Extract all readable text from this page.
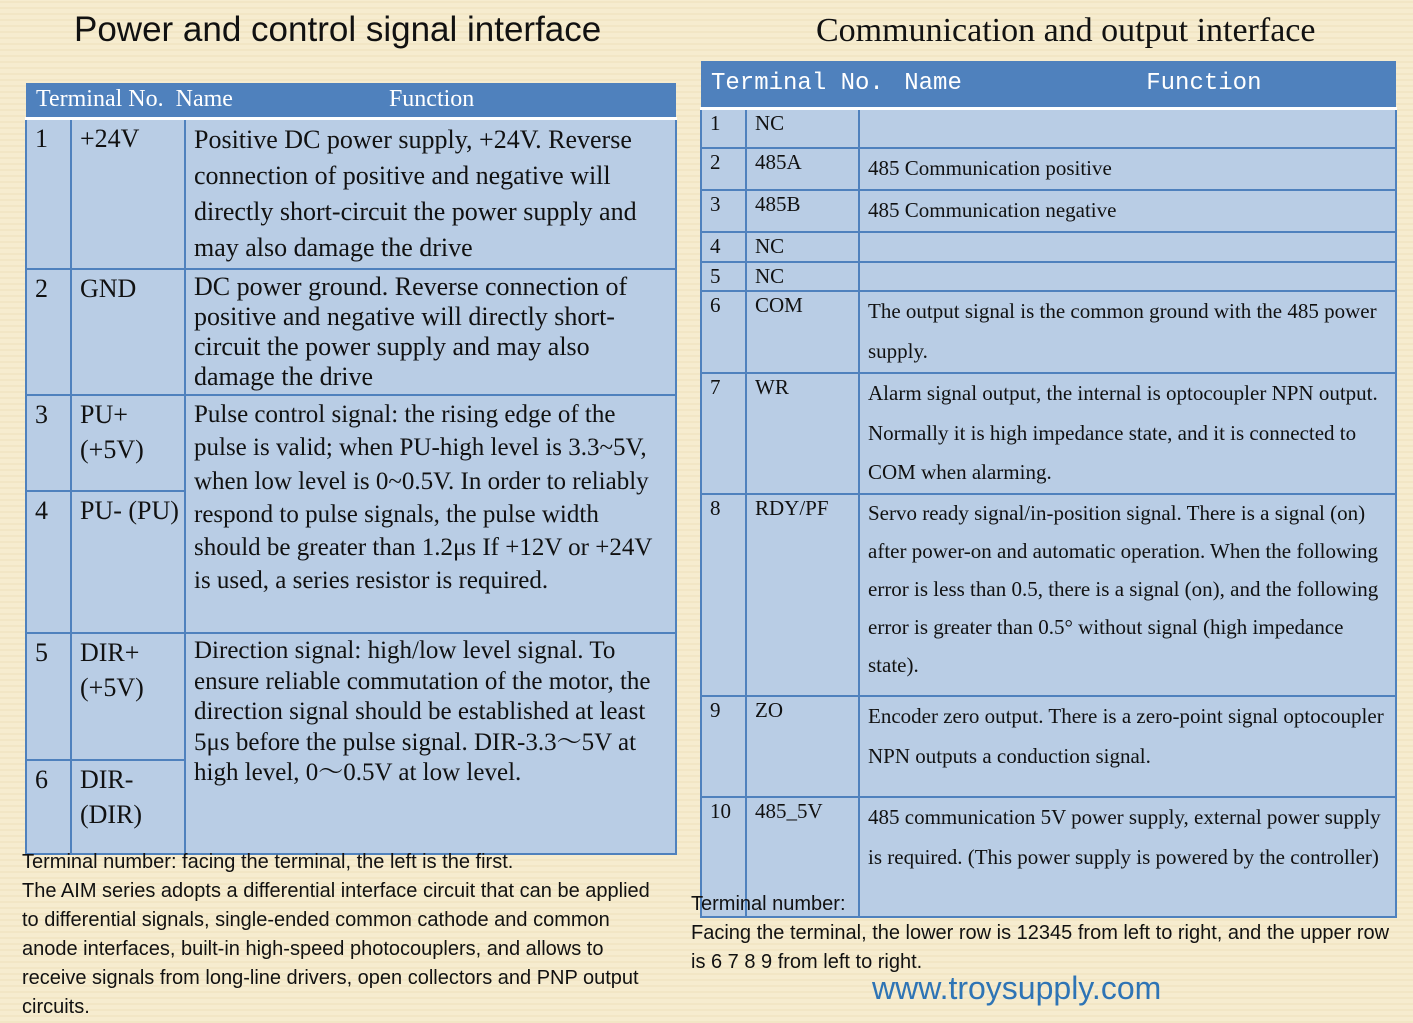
Power and control signal interface	Communication and output interface
Terminal No. Name Function		
1	+24V	Positive DC power supply, +24V. Reverse connection of positive and negative will directly short-circuit the power supply and may also damage the drive
2	GND	DC power ground. Reverse connection of positive and negative will directly short-circuit the power supply and may also damage the drive
3	PU+ (+5V)	Pulse control signal: the rising edge of the pulse is valid; when PU-high level is 3.3~5V, when low level is 0~0.5V. In order to reliably respond to pulse signals, the pulse width should be greater than 1.2μs If +12V or +24V is used, a series resistor is required.
4	PU- (PU)	
5	DIR+ (+5V)	Direction signal: high/low level signal. To ensure reliable commutation of the motor, the direction signal should be established at least 5μs before the pulse signal. DIR-3.3～5V at high level, 0～0.5V at low level.
6	DIR- (DIR)	
Terminal No. Name Function		
1	NC	
2	485A	485 Communication positive
3	485B	485 Communication negative
4	NC	
5	NC	
6	COM	The output signal is the common ground with the 485 power supply.
7	WR	Alarm signal output, the internal is optocoupler NPN output. Normally it is high impedance state, and it is connected to COM when alarming.
8	RDY/PF	Servo ready signal/in-position signal. There is a signal (on) after power-on and automatic operation. When the following error is less than 0.5, there is a signal (on), and the following error is greater than 0.5° without signal (high impedance state).
9	ZO	Encoder zero output. There is a zero-point signal optocoupler NPN outputs a conduction signal.
10	485_5V	485 communication 5V power supply, external power supply is required. (This power supply is powered by the controller)

Terminal number: facing the terminal, the left is the first.

The AIM series adopts a differential interface circuit that can be applied to differential signals, single-ended common cathode and common anode interfaces, built-in high-speed photocouplers, and allows to receive signals from long-line drivers, open collectors and PNP output circuits.

Terminal number:

Facing the terminal, the lower row is 12345 from left to right, and the upper row is 6 7 8 9 from left to right.

www.troysupply.com
